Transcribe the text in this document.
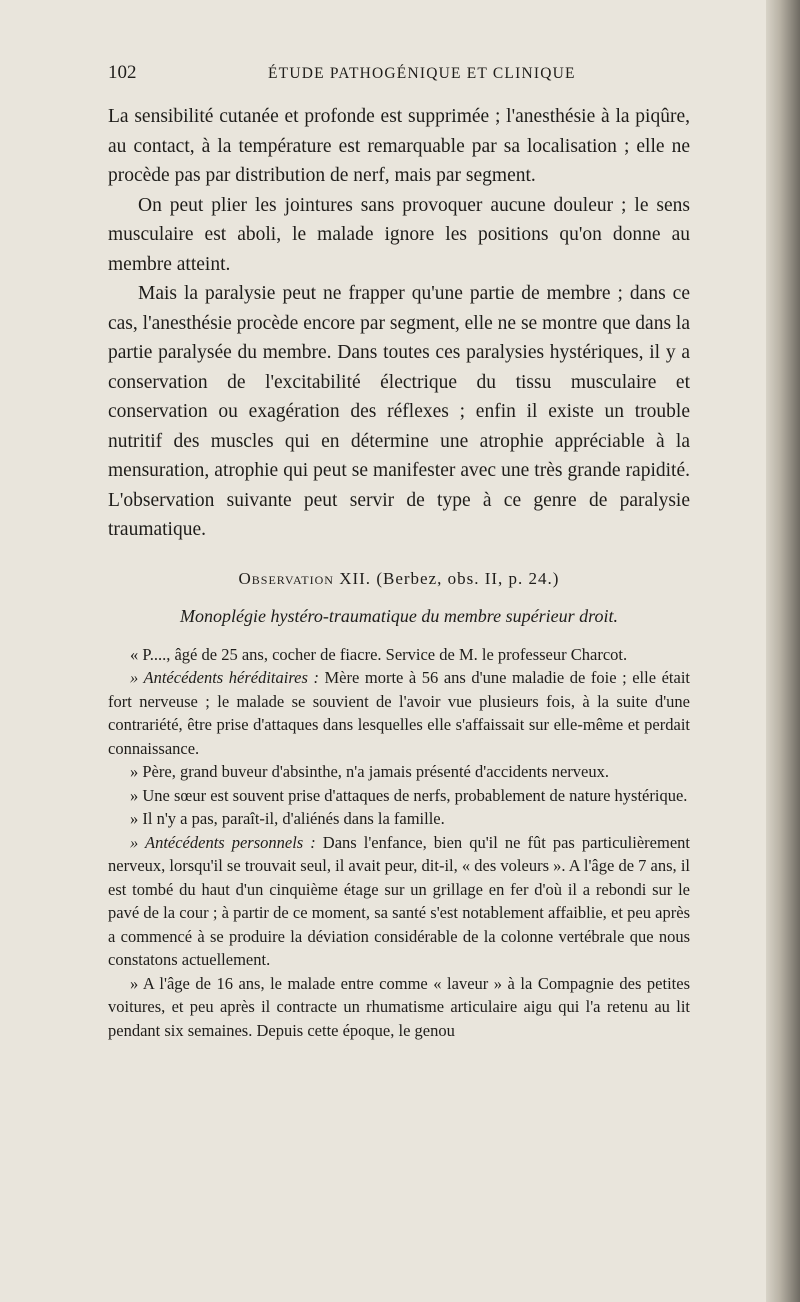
102	ÉTUDE PATHOGÉNIQUE ET CLINIQUE

La sensibilité cutanée et profonde est supprimée ; l'anesthésie à la piqûre, au contact, à la température est remarquable par sa localisation ; elle ne procède pas par distribution de nerf, mais par segment.

On peut plier les jointures sans provoquer aucune douleur ; le sens musculaire est aboli, le malade ignore les positions qu'on donne au membre atteint.

Mais la paralysie peut ne frapper qu'une partie de membre ; dans ce cas, l'anesthésie procède encore par segment, elle ne se montre que dans la partie paralysée du membre. Dans toutes ces paralysies hystériques, il y a conservation de l'excitabilité électrique du tissu musculaire et conservation ou exagération des réflexes ; enfin il existe un trouble nutritif des muscles qui en détermine une atrophie appréciable à la mensuration, atrophie qui peut se manifester avec une très grande rapidité. L'observation suivante peut servir de type à ce genre de paralysie traumatique.

Observation XII. (Berbez, obs. II, p. 24.)
Monoplégie hystéro-traumatique du membre supérieur droit.

« P...., âgé de 25 ans, cocher de fiacre. Service de M. le professeur Charcot.

» Antécédents héréditaires : Mère morte à 56 ans d'une maladie de foie ; elle était fort nerveuse ; le malade se souvient de l'avoir vue plusieurs fois, à la suite d'une contrariété, être prise d'attaques dans lesquelles elle s'affaissait sur elle-même et perdait connaissance.

» Père, grand buveur d'absinthe, n'a jamais présenté d'accidents nerveux.

» Une sœur est souvent prise d'attaques de nerfs, probablement de nature hystérique.

» Il n'y a pas, paraît-il, d'aliénés dans la famille.

» Antécédents personnels : Dans l'enfance, bien qu'il ne fût pas particulièrement nerveux, lorsqu'il se trouvait seul, il avait peur, dit-il, « des voleurs ». A l'âge de 7 ans, il est tombé du haut d'un cinquième étage sur un grillage en fer d'où il a rebondi sur le pavé de la cour ; à partir de ce moment, sa santé s'est notablement affaiblie, et peu après a commencé à se produire la déviation considérable de la colonne vertébrale que nous constatons actuellement.

» A l'âge de 16 ans, le malade entre comme « laveur » à la Compagnie des petites voitures, et peu après il contracte un rhumatisme articulaire aigu qui l'a retenu au lit pendant six semaines. Depuis cette époque, le genou
